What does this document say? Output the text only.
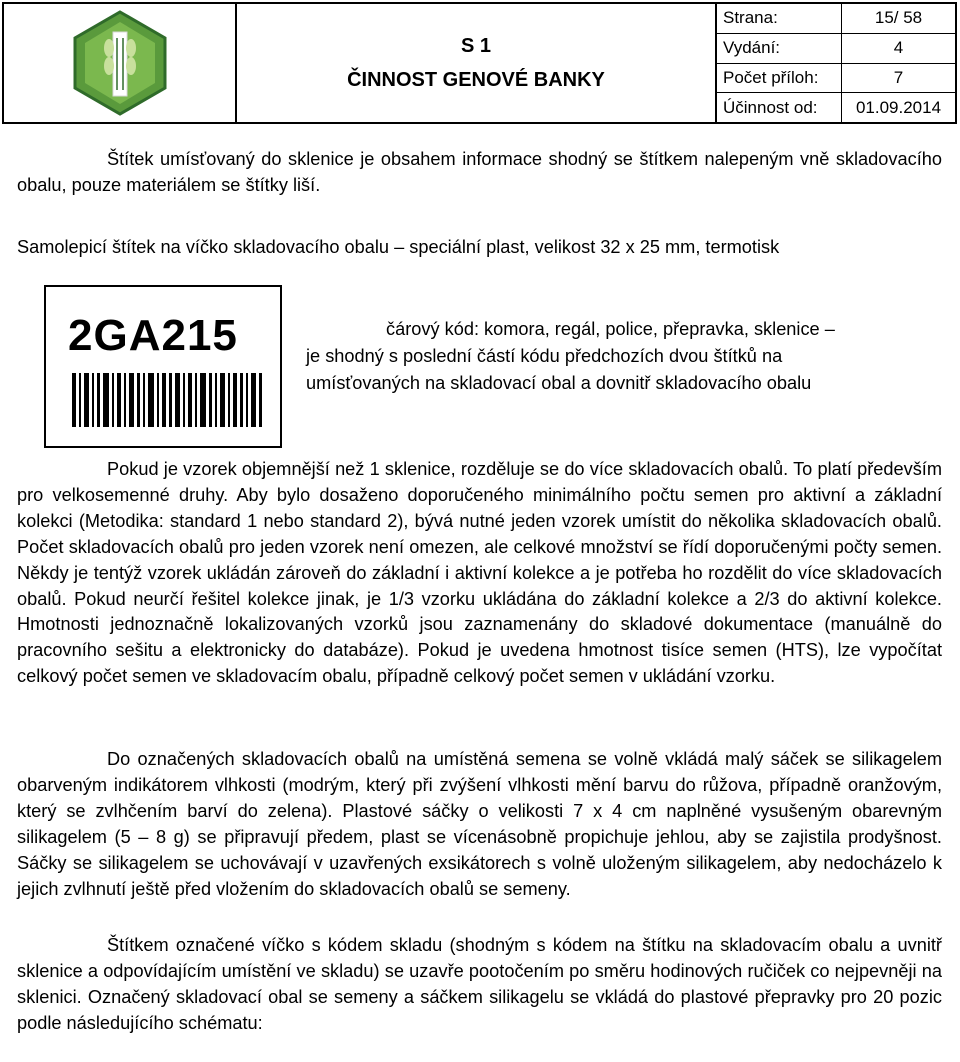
S 1
ČINNOST GENOVÉ BANKY
Strana:	15/ 58
Vydání:	4
Počet příloh:	7
Účinnost od:	01.09.2014

Štítek umísťovaný do sklenice je obsahem informace shodný se štítkem nalepeným vně skladovacího obalu, pouze materiálem se štítky liší.

Samolepicí štítek na víčko skladovacího obalu – speciální plast, velikost 32 x 25 mm, termotisk

2GA215	čárový kód: komora, regál, police, přepravka, sklenice –
je shodný s poslední částí kódu předchozích dvou štítků na
umísťovaných na skladovací obal a dovnitř skladovacího obalu

Pokud je vzorek objemnější než 1 sklenice, rozděluje se do více skladovacích obalů. To platí především pro velkosemenné druhy. Aby bylo dosaženo doporučeného minimálního počtu semen pro aktivní a základní kolekci (Metodika: standard 1 nebo standard 2), bývá nutné jeden vzorek umístit do několika skladovacích obalů. Počet skladovacích obalů pro jeden vzorek není omezen, ale celkové množství se řídí doporučenými počty semen. Někdy je tentýž vzorek ukládán zároveň do základní i aktivní kolekce a je potřeba ho rozdělit do více skladovacích obalů. Pokud neurčí řešitel kolekce jinak, je 1/3 vzorku ukládána do základní kolekce a 2/3 do aktivní kolekce. Hmotnosti jednoznačně lokalizovaných vzorků jsou zaznamenány do skladové dokumentace (manuálně do pracovního sešitu a elektronicky do databáze). Pokud je uvedena hmotnost tisíce semen (HTS), lze vypočítat celkový počet semen ve skladovacím obalu, případně celkový počet semen v ukládání vzorku.

Do označených skladovacích obalů na umístěná semena se volně vkládá malý sáček se silikagelem obarveným indikátorem vlhkosti (modrým, který při zvýšení vlhkosti mění barvu do růžova, případně oranžovým, který se zvlhčením barví do zelena). Plastové sáčky o velikosti 7 x 4 cm naplněné vysušeným obarevným silikagelem (5 – 8 g) se připravují předem, plast se vícenásobně propichuje jehlou, aby se zajistila prodyšnost. Sáčky se silikagelem se uchovávají v uzavřených exsikátorech s volně uloženým silikagelem, aby nedocházelo k jejich zvlhnutí ještě před vložením do skladovacích obalů se semeny.

Štítkem označené víčko s kódem skladu (shodným s kódem na štítku na skladovacím obalu a uvnitř sklenice a odpovídajícím umístění ve skladu) se uzavře pootočením po směru hodinových ručiček co nejpevněji na sklenici. Označený skladovací obal se semeny a sáčkem silikagelu se vkládá do plastové přepravky pro 20 pozic podle následujícího schématu:
